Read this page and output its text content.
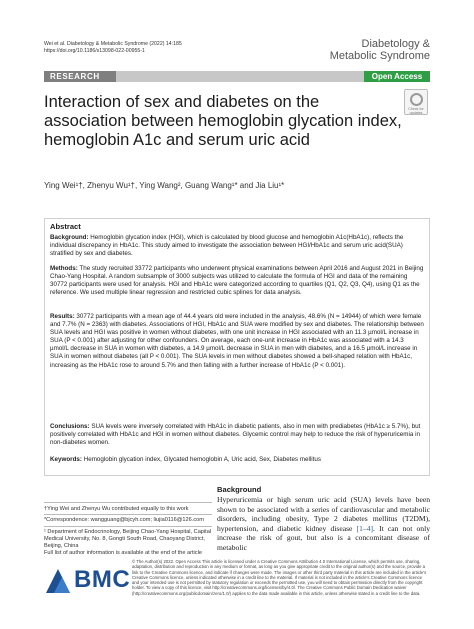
Wei et al. Diabetology & Metabolic Syndrome (2022) 14:185
https://doi.org/10.1186/s13098-022-00955-1
Diabetology &
Metabolic Syndrome
RESEARCH	Open Access
Interaction of sex and diabetes on the association between hemoglobin glycation index, hemoglobin A1c and serum uric acid
Check for updates
Ying Wei¹†, Zhenyu Wu¹†, Ying Wang², Guang Wang¹* and Jia Liu¹*
Abstract
Background: Hemoglobin glycation index (HGI), which is calculated by blood glucose and hemoglobin A1c(HbA1c), reflects the individual discrepancy in HbA1c. This study aimed to investigate the association between HGI/HbA1c and serum uric acid(SUA) stratified by sex and diabetes.
Methods: The study recruited 33772 participants who underwent physical examinations between April 2016 and August 2021 in Beijing Chao-Yang Hospital. A random subsample of 3000 subjects was utilized to calculate the formula of HGI and data of the remaining 30772 participants were used for analysis. HGI and HbA1c were categorized according to quartiles (Q1, Q2, Q3, Q4), using Q1 as the reference. We used multiple linear regression and restricted cubic splines for data analysis.
Results: 30772 participants with a mean age of 44.4 years old were included in the analysis, 48.6% (N = 14944) of which were female and 7.7% (N = 2363) with diabetes. Associations of HGI, HbA1c and SUA were modified by sex and diabetes. The relationship between SUA levels and HGI was positive in women without diabetes, with one unit increase in HGI associated with an 11.3 µmol/L increase in SUA (P < 0.001) after adjusting for other confounders. On average, each one-unit increase in HbA1c was associated with a 14.3 µmol/L decrease in SUA in women with diabetes, a 14.9 µmol/L decrease in SUA in men with diabetes, and a 16.5 µmol/L increase in SUA in women without diabetes (all P < 0.001). The SUA levels in men without diabetes showed a bell-shaped relation with HbA1c, increasing as the HbA1c rose to around 5.7% and then falling with a further increase of HbA1c (P < 0.001).
Conclusions: SUA levels were inversely correlated with HbA1c in diabetic patients, also in men with prediabetes (HbA1c ≥ 5.7%), but positively correlated with HbA1c and HGI in women without diabetes. Glycemic control may help to reduce the risk of hyperuricemia in non-diabetes women.
Keywords: Hemoglobin glycation index, Glycated hemoglobin A, Uric acid, Sex, Diabetes mellitus
†Ying Wei and Zhenyu Wu contributed equally to this work
*Correspondence: wangguang@bjcyh.com; liujia0116@126.com
¹ Department of Endocrinology, Beijing Chao-Yang Hospital, Capital Medical University, No. 8, Gongti South Road, Chaoyang District, Beijing, China
Full list of author information is available at the end of the article
Background
Hyperuricemia or high serum uric acid (SUA) levels have been shown to be associated with a series of cardiovascular and metabolic disorders, including obesity, Type 2 diabetes mellitus (T2DM), hypertension, and diabetic kidney disease [1–4]. It can not only increase the risk of gout, but also is a concomitant disease of metabolic
BMC
© The Author(s) 2022. Open Access This article is licensed under a Creative Commons Attribution 4.0 International License, which permits use, sharing, adaptation, distribution and reproduction in any medium or format, as long as you give appropriate credit to the original author(s) and the source, provide a link to the Creative Commons licence, and indicate if changes were made. The images or other third party material in this article are included in the article's Creative Commons licence, unless indicated otherwise in a credit line to the material. If material is not included in the article's Creative Commons licence and your intended use is not permitted by statutory regulation or exceeds the permitted use, you will need to obtain permission directly from the copyright holder. To view a copy of this licence, visit http://creativecommons.org/licenses/by/4.0/. The Creative Commons Public Domain Dedication waiver (http://creativecommons.org/publicdomain/zero/1.0/) applies to the data made available in this article, unless otherwise stated in a credit line to the data.
